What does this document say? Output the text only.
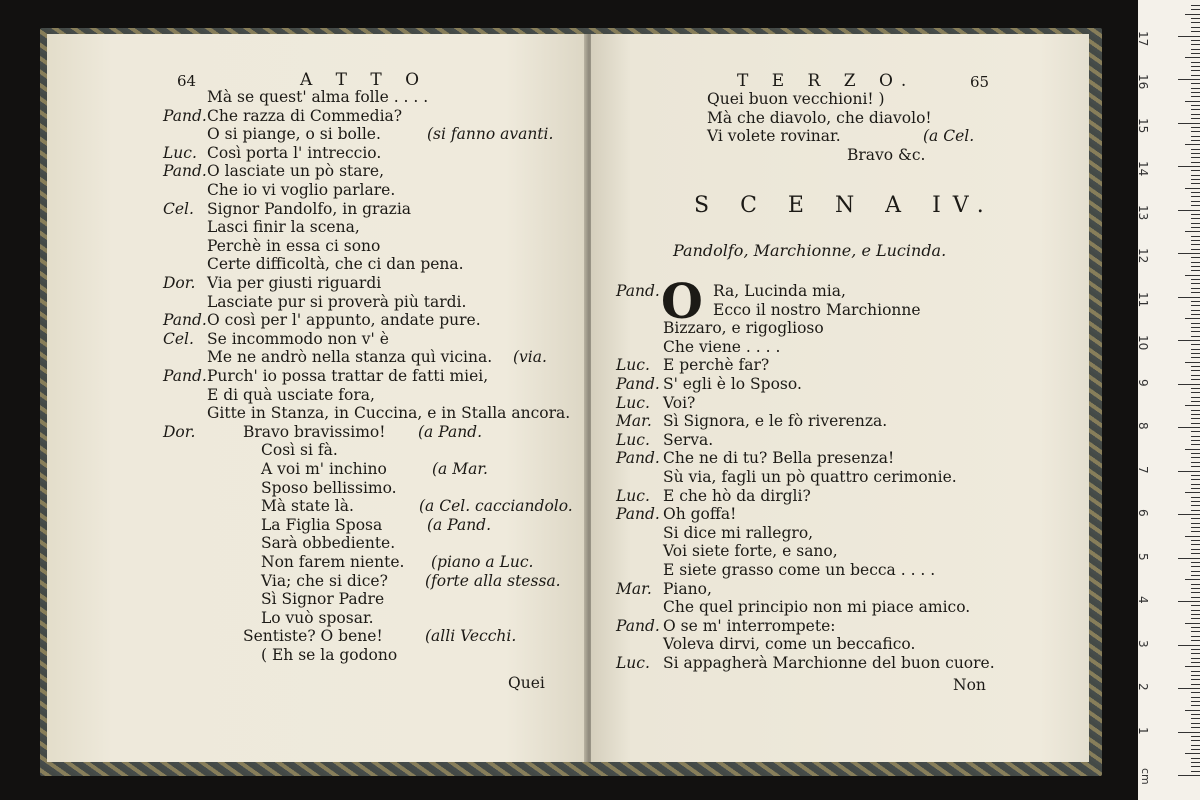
64	A T T O
Mà se quest' alma folle . . . .
Pand. Che razza di Commedia?
O si piange, o si bolle.	(si fanno avanti.
Luc. Così porta l' intreccio.
Pand. O lasciate un pò stare,
Che io vi voglio parlare.
Cel. Signor Pandolfo, in grazia
Lasci finir la scena,
Perchè in essa ci sono
Certe difficoltà, che ci dan pena.
Dor. Via per giusti riguardi
Lasciate pur si proverà più tardi.
Pand. O così per l' appunto, andate pure.
Cel. Se incommodo non v' è
Me ne andrò nella stanza quì vicina. (via.
Pand. Purch' io possa trattar de fatti miei,
E di quà usciate fora,
Gitte in Stanza, in Cuccina, e in Stalla ancora.
Dor.	Bravo bravissimo! (a Pand.
Così si fà.
A voi m' inchino	(a Mar.
Sposo bellissimo.
Mà state là.	(a Cel. cacciandolo.
La Figlia Sposa	(a Pand.
Sarà obbediente.
Non farem niente. (piano a Luc.
Via; che si dice? (forte alla stessa.
Sì Signor Padre
Lo vuò sposar.
Sentiste? O bene!	(alli Vecchi.
( Eh se la godono
Quei
T E R Z O.	65
Quei buon vecchioni! )
Mà che diavolo, che diavolo!
Vi volete rovinar.	(a Cel.
Bravo &c.
S C E N A IV.
Pandolfo, Marchionne, e Lucinda.
O
Pand.	Ra, Lucinda mia,
Ecco il nostro Marchionne
Bizzaro, e rigoglioso
Che viene . . . .
Luc. E perchè far?
Pand. S' egli è lo Sposo.
Luc. Voi?
Mar. Sì Signora, e le fò riverenza.
Luc. Serva.
Pand. Che ne di tu? Bella presenza!
Sù via, fagli un pò quattro cerimonie.
Luc. E che hò da dirgli?
Pand. Oh goffa!
Si dice mi rallegro,
Voi siete forte, e sano,
E siete grasso come un becca . . . .
Mar. Piano,
Che quel principio non mi piace amico.
Pand. O se m' interrompete:
Voleva dirvi, come un beccafico.
Luc. Si appagherà Marchionne del buon cuore.
Non
cm
1
2
3
4
5
6
7
8
9
10
11
12
13
14
15
16
17
